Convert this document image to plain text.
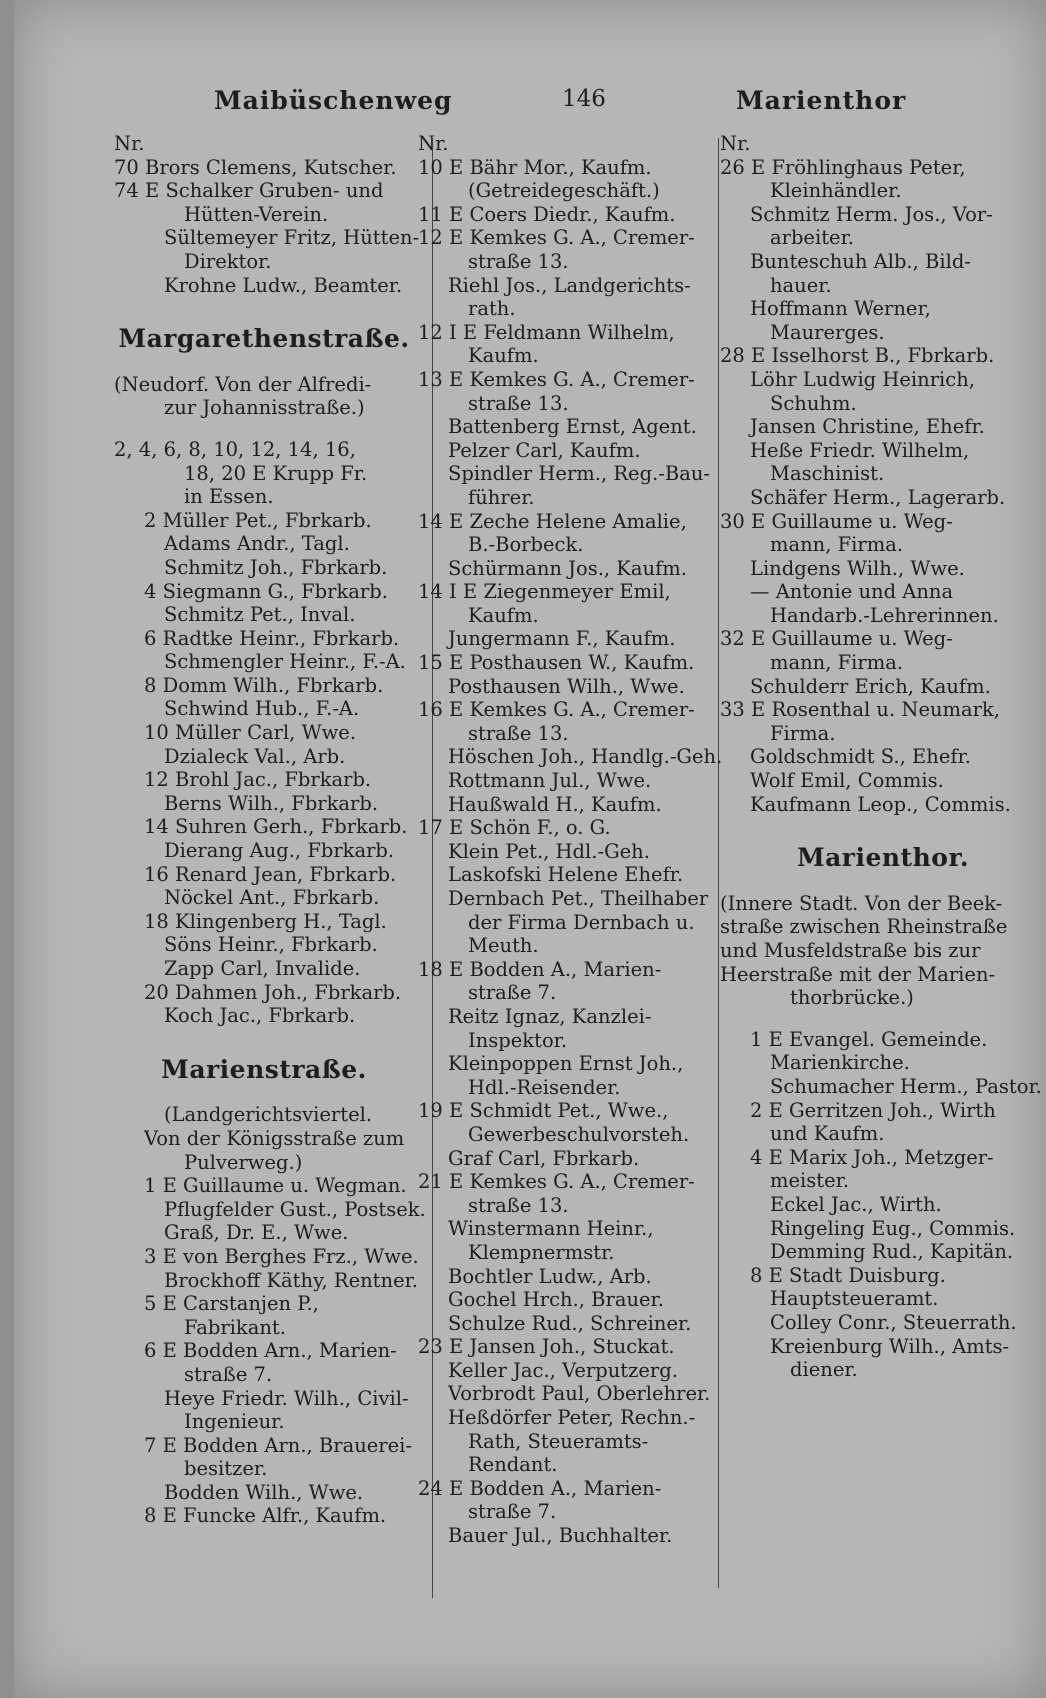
Maibüschenweg	146	Marienthor
Nr.
70 Brors Clemens, Kutscher.
74 E Schalker Gruben- und
Hütten-Verein.
Sültemeyer Fritz, Hütten-
Direktor.
Krohne Ludw., Beamter.
Margarethenstraße.
(Neudorf. Von der Alfredi-
zur Johannisstraße.)
2, 4, 6, 8, 10, 12, 14, 16,
18, 20 E Krupp Fr.
in Essen.
2 Müller Pet., Fbrkarb.
Adams Andr., Tagl.
Schmitz Joh., Fbrkarb.
4 Siegmann G., Fbrkarb.
Schmitz Pet., Inval.
6 Radtke Heinr., Fbrkarb.
Schmengler Heinr., F.-A.
8 Domm Wilh., Fbrkarb.
Schwind Hub., F.-A.
10 Müller Carl, Wwe.
Dzialeck Val., Arb.
12 Brohl Jac., Fbrkarb.
Berns Wilh., Fbrkarb.
14 Suhren Gerh., Fbrkarb.
Dierang Aug., Fbrkarb.
16 Renard Jean, Fbrkarb.
Nöckel Ant., Fbrkarb.
18 Klingenberg H., Tagl.
Söns Heinr., Fbrkarb.
Zapp Carl, Invalide.
20 Dahmen Joh., Fbrkarb.
Koch Jac., Fbrkarb.
Marienstraße.
(Landgerichtsviertel.
Von der Königsstraße zum
Pulverweg.)
1 E Guillaume u. Wegman.
Pflugfelder Gust., Postsek.
Graß, Dr. E., Wwe.
3 E von Berghes Frz., Wwe.
Brockhoff Käthy, Rentner.
5 E Carstanjen P.,
Fabrikant.
6 E Bodden Arn., Marien-
straße 7.
Heye Friedr. Wilh., Civil-
Ingenieur.
7 E Bodden Arn., Brauerei-
besitzer.
Bodden Wilh., Wwe.
8 E Funcke Alfr., Kaufm.
Nr.
10 E Bähr Mor., Kaufm.
(Getreidegeschäft.)
11 E Coers Diedr., Kaufm.
12 E Kemkes G. A., Cremer-
straße 13.
Riehl Jos., Landgerichts-
rath.
12 I E Feldmann Wilhelm,
Kaufm.
13 E Kemkes G. A., Cremer-
straße 13.
Battenberg Ernst, Agent.
Pelzer Carl, Kaufm.
Spindler Herm., Reg.-Bau-
führer.
14 E Zeche Helene Amalie,
B.-Borbeck.
Schürmann Jos., Kaufm.
14 I E Ziegenmeyer Emil,
Kaufm.
Jungermann F., Kaufm.
15 E Posthausen W., Kaufm.
Posthausen Wilh., Wwe.
16 E Kemkes G. A., Cremer-
straße 13.
Höschen Joh., Handlg.-Geh.
Rottmann Jul., Wwe.
Haußwald H., Kaufm.
17 E Schön F., o. G.
Klein Pet., Hdl.-Geh.
Laskofski Helene Ehefr.
Dernbach Pet., Theilhaber
der Firma Dernbach u.
Meuth.
18 E Bodden A., Marien-
straße 7.
Reitz Ignaz, Kanzlei-
Inspektor.
Kleinpoppen Ernst Joh.,
Hdl.-Reisender.
19 E Schmidt Pet., Wwe.,
Gewerbeschulvorsteh.
Graf Carl, Fbrkarb.
21 E Kemkes G. A., Cremer-
straße 13.
Winstermann Heinr.,
Klempnermstr.
Bochtler Ludw., Arb.
Gochel Hrch., Brauer.
Schulze Rud., Schreiner.
23 E Jansen Joh., Stuckat.
Keller Jac., Verputzerg.
Vorbrodt Paul, Oberlehrer.
Heßdörfer Peter, Rechn.-
Rath, Steueramts-
Rendant.
24 E Bodden A., Marien-
straße 7.
Bauer Jul., Buchhalter.
Nr.
26 E Fröhlinghaus Peter,
Kleinhändler.
Schmitz Herm. Jos., Vor-
arbeiter.
Bunteschuh Alb., Bild-
hauer.
Hoffmann Werner,
Maurerges.
28 E Isselhorst B., Fbrkarb.
Löhr Ludwig Heinrich,
Schuhm.
Jansen Christine, Ehefr.
Heße Friedr. Wilhelm,
Maschinist.
Schäfer Herm., Lagerarb.
30 E Guillaume u. Weg-
mann, Firma.
Lindgens Wilh., Wwe.
— Antonie und Anna
Handarb.-Lehrerinnen.
32 E Guillaume u. Weg-
mann, Firma.
Schulderr Erich, Kaufm.
33 E Rosenthal u. Neumark,
Firma.
Goldschmidt S., Ehefr.
Wolf Emil, Commis.
Kaufmann Leop., Commis.
Marienthor.
(Innere Stadt. Von der Beek-
straße zwischen Rheinstraße
und Musfeldstraße bis zur
Heerstraße mit der Marien-
thorbrücke.)
1 E Evangel. Gemeinde.
Marienkirche.
Schumacher Herm., Pastor.
2 E Gerritzen Joh., Wirth
und Kaufm.
4 E Marix Joh., Metzger-
meister.
Eckel Jac., Wirth.
Ringeling Eug., Commis.
Demming Rud., Kapitän.
8 E Stadt Duisburg.
Hauptsteueramt.
Colley Conr., Steuerrath.
Kreienburg Wilh., Amts-
diener.
